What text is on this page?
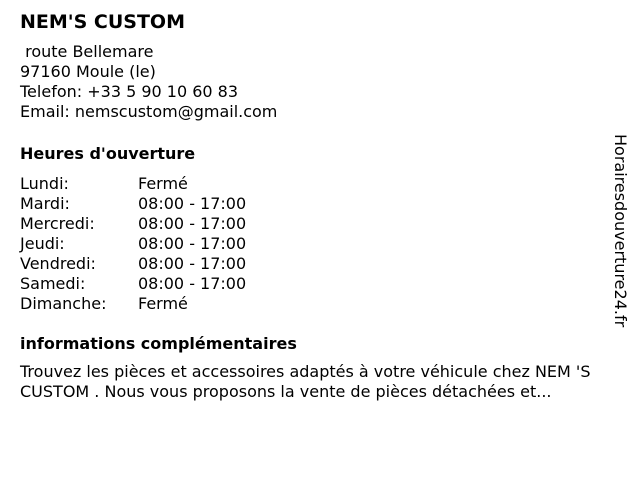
NEM'S CUSTOM
route Bellemare
97160 Moule (le)
Telefon: +33 5 90 10 60 83
Email: nemscustom@gmail.com
Heures d'ouverture
Lundi:	Fermé
Mardi:	08:00 - 17:00
Mercredi:	08:00 - 17:00
Jeudi:	08:00 - 17:00
Vendredi:	08:00 - 17:00
Samedi:	08:00 - 17:00
Dimanche:	Fermé
informations complémentaires
Trouvez les pièces et accessoires adaptés à votre véhicule chez NEM 'S CUSTOM . Nous vous proposons la vente de pièces détachées et...
Horairesdouverture24.fr
